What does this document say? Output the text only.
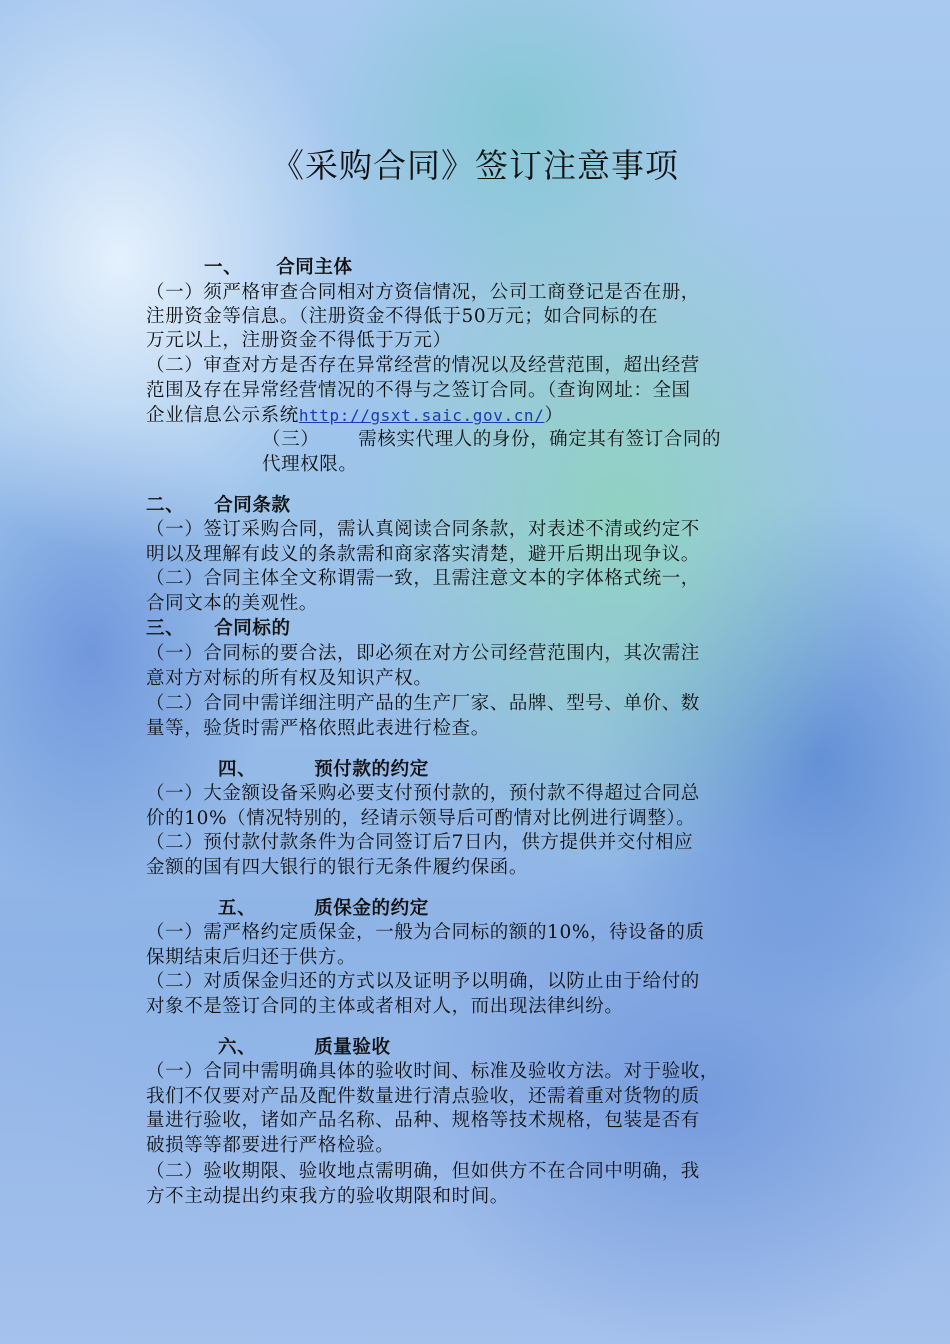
《采购合同》签订注意事项
一、 合同主体
（一）须严格审查合同相对方资信情况，公司工商登记是否在册，
注册资金等信息。（注册资金不得低于50万元；如合同标的在
万元以上，注册资金不得低于万元）
（二）审查对方是否存在异常经营的情况以及经营范围，超出经营
范围及存在异常经营情况的不得与之签订合同。（查询网址：全国
企业信息公示系统http://gsxt.saic.gov.cn/）
（三）      需核实代理人的身份，确定其有签订合同的
代理权限。
二、 合同条款
（一）签订采购合同，需认真阅读合同条款，对表述不清或约定不
明以及理解有歧义的条款需和商家落实清楚，避开后期出现争议。
（二）合同主体全文称谓需一致，且需注意文本的字体格式统一，
合同文本的美观性。
三、 合同标的
（一）合同标的要合法，即必须在对方公司经营范围内，其次需注
意对方对标的所有权及知识产权。
（二）合同中需详细注明产品的生产厂家、品牌、型号、单价、数
量等，验货时需严格依照此表进行检查。
四、	预付款的约定
（一）大金额设备采购必要支付预付款的，预付款不得超过合同总
价的10%（情况特别的，经请示领导后可酌情对比例进行调整）。
（二）预付款付款条件为合同签订后7日内，供方提供并交付相应
金额的国有四大银行的银行无条件履约保函。
五、	质保金的约定
（一）需严格约定质保金，一般为合同标的额的10%，待设备的质
保期结束后归还于供方。
（二）对质保金归还的方式以及证明予以明确，以防止由于给付的
对象不是签订合同的主体或者相对人，而出现法律纠纷。
六、	质量验收
（一）合同中需明确具体的验收时间、标准及验收方法。对于验收，
我们不仅要对产品及配件数量进行清点验收，还需着重对货物的质
量进行验收，诸如产品名称、品种、规格等技术规格，包装是否有
破损等等都要进行严格检验。
（二）验收期限、验收地点需明确，但如供方不在合同中明确，我
方不主动提出约束我方的验收期限和时间。
